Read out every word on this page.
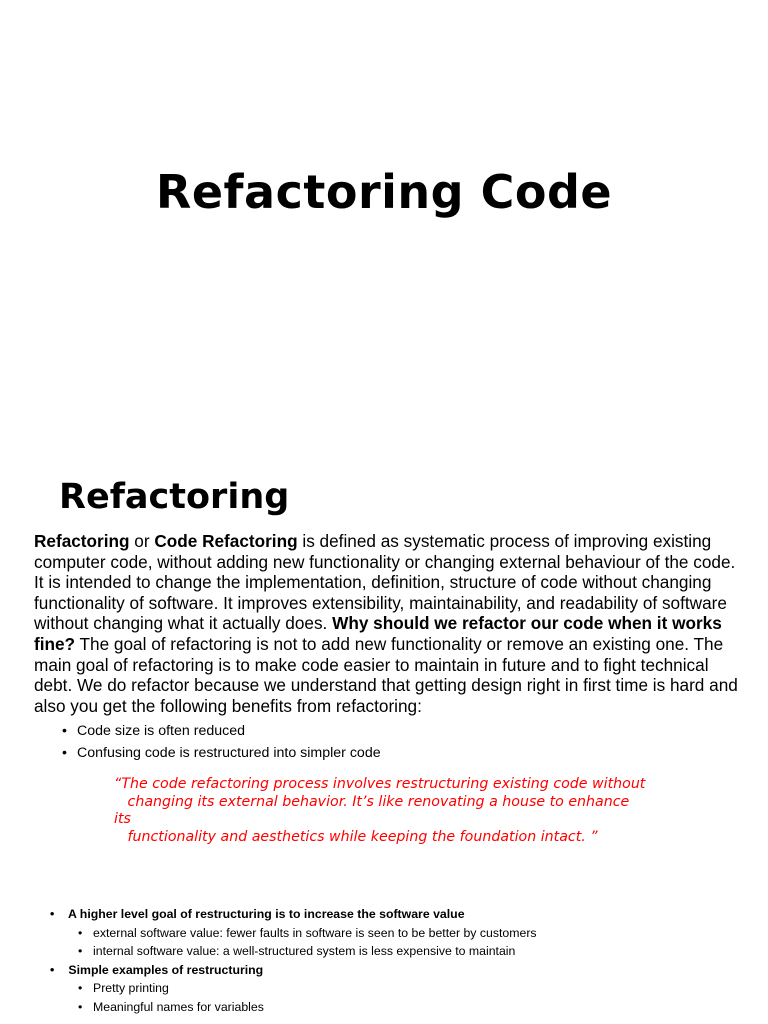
Refactoring Code
Refactoring
Refactoring or Code Refactoring is defined as systematic process of improving existing computer code, without adding new functionality or changing external behaviour of the code. It is intended to change the implementation, definition, structure of code without changing functionality of software. It improves extensibility, maintainability, and readability of software without changing what it actually does. Why should we refactor our code when it works fine? The goal of refactoring is not to add new functionality or remove an existing one. The main goal of refactoring is to make code easier to maintain in future and to fight technical debt. We do refactor because we understand that getting design right in first time is hard and also you get the following benefits from refactoring:
• Code size is often reduced
• Confusing code is restructured into simpler code
“The code refactoring process involves restructuring existing code without
changing its external behavior. It’s like renovating a house to enhance
its
functionality and aesthetics while keeping the foundation intact. ”
• A higher level goal of restructuring is to increase the software value
• external software value: fewer faults in software is seen to be better by customers
• internal software value: a well-structured system is less expensive to maintain
• Simple examples of restructuring
• Pretty printing
• Meaningful names for variables
